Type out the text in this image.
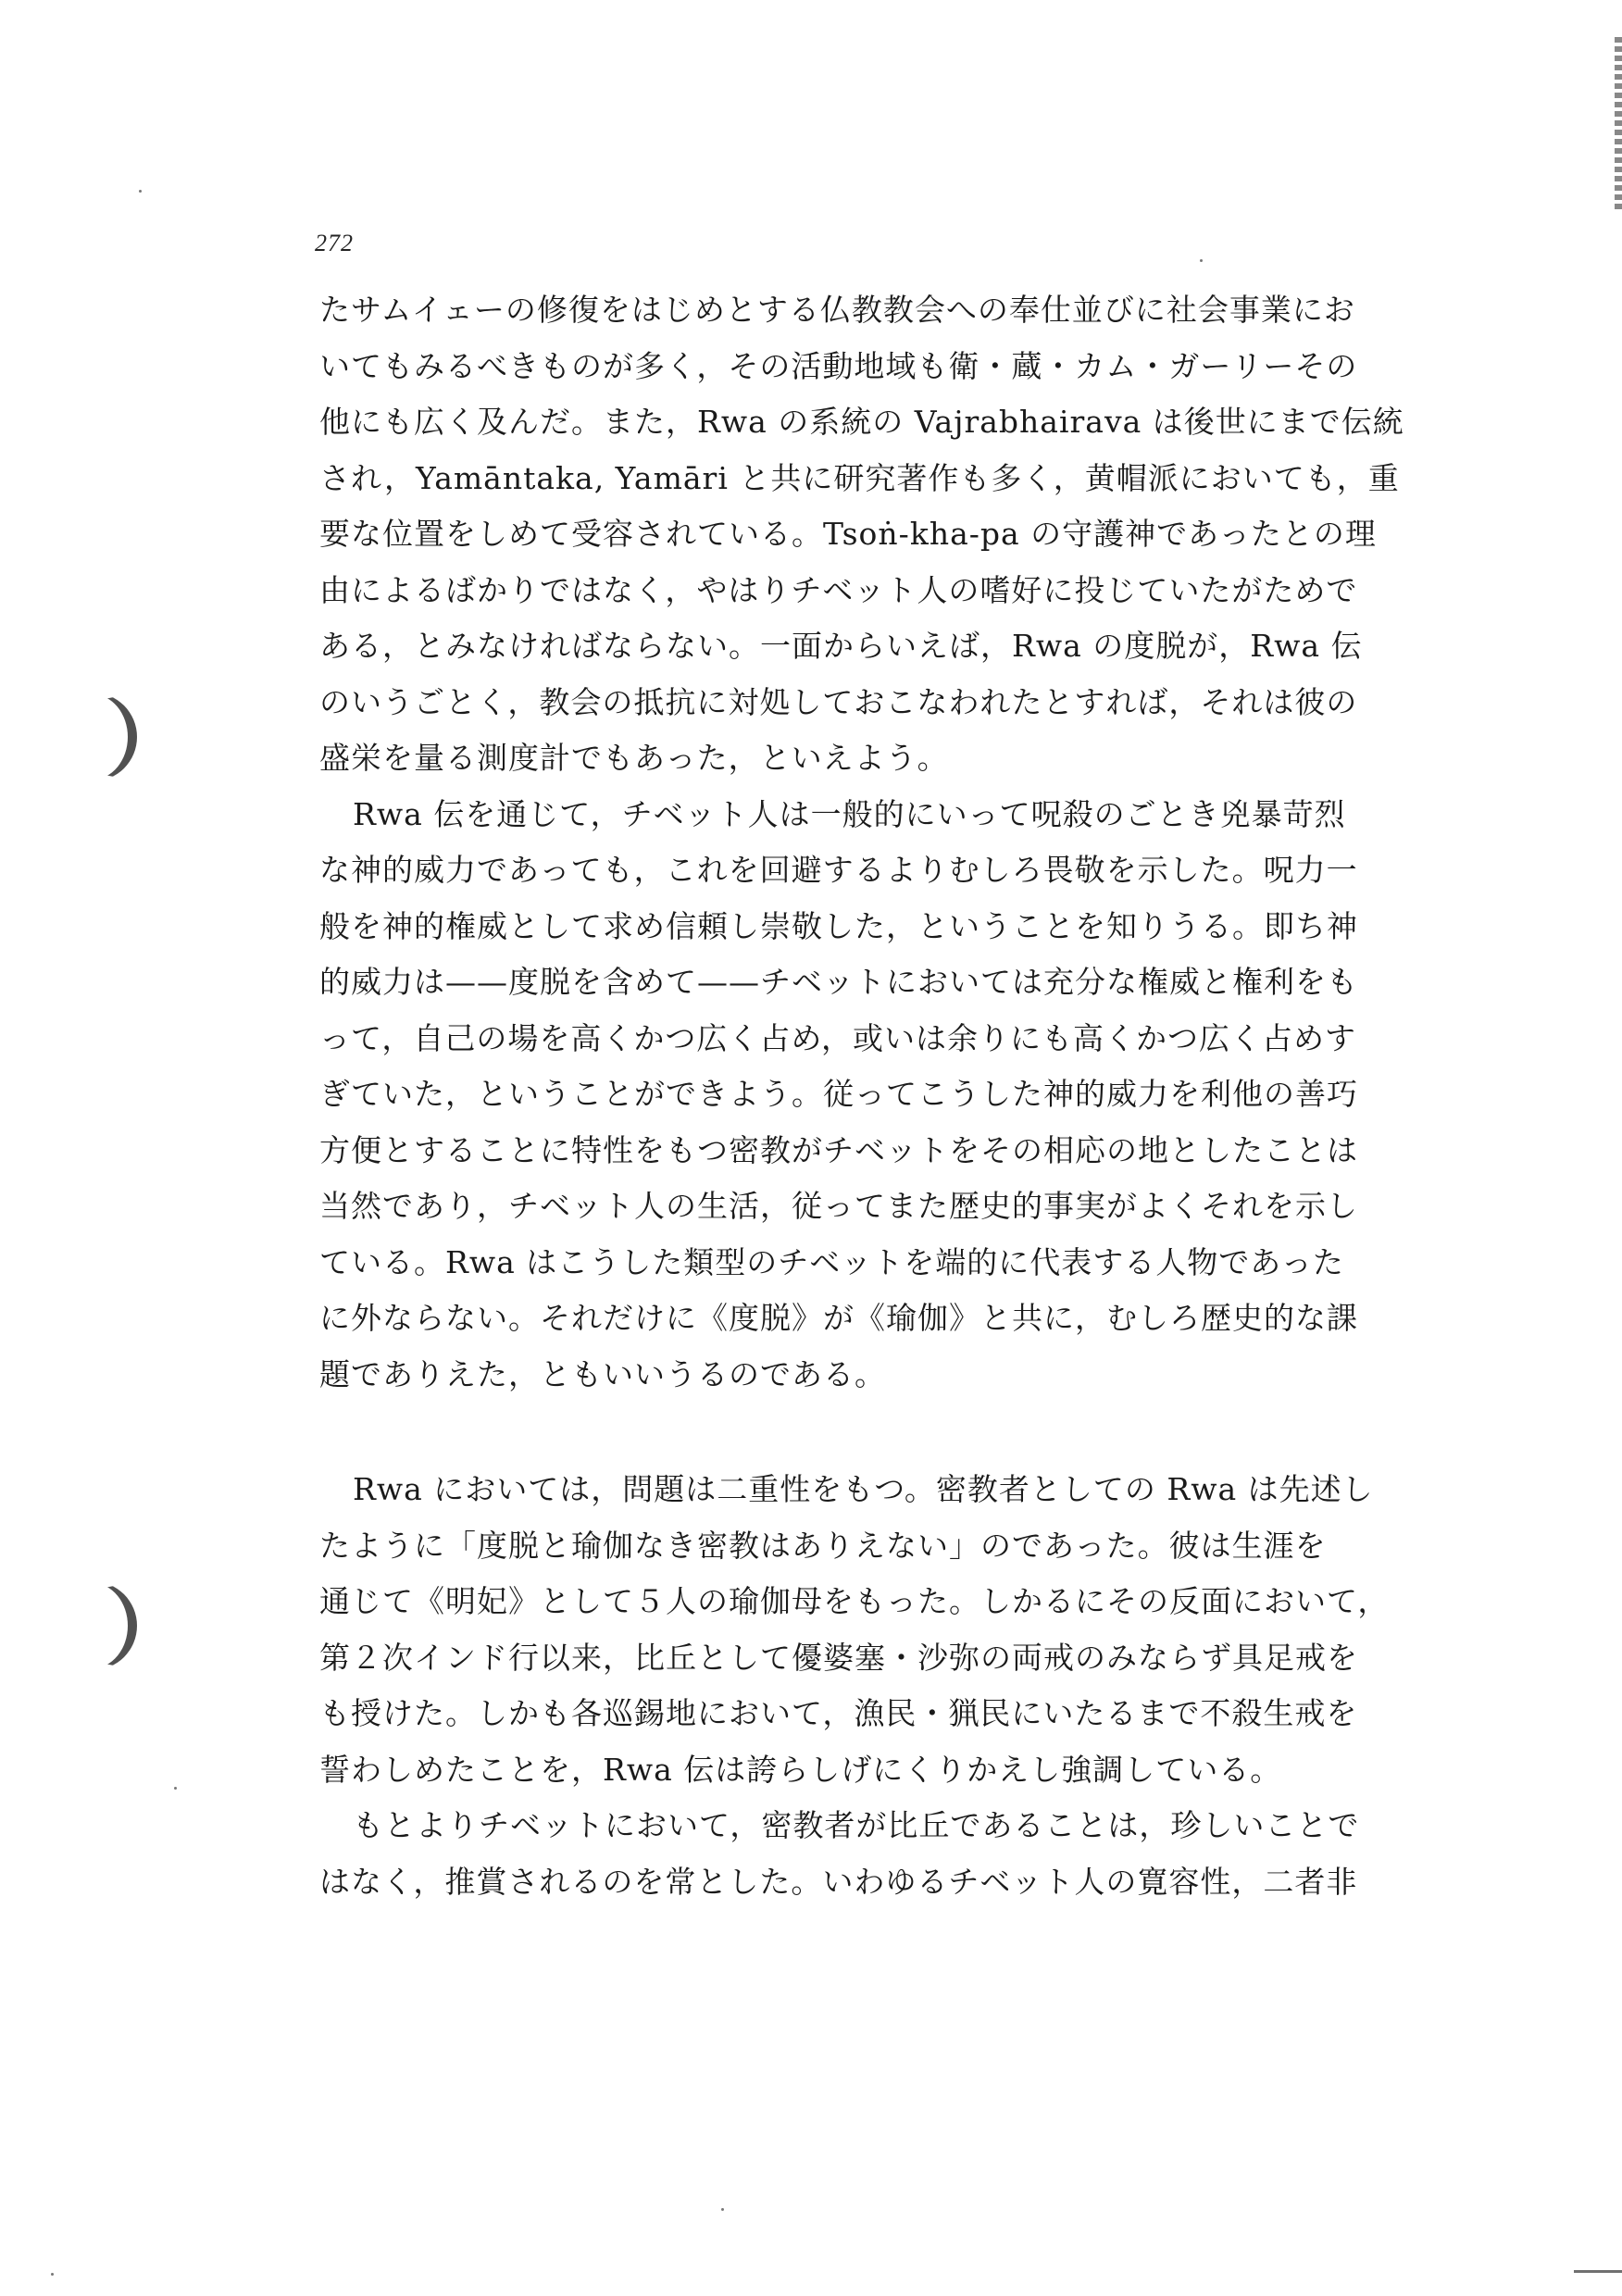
272
たサムイェーの修復をはじめとする仏教教会への奉仕並びに社会事業にお
いてもみるべきものが多く，その活動地域も衛・蔵・カム・ガーリーその
他にも広く及んだ。また，Rwa の系統の Vajrabhairava は後世にまで伝統
され，Yamāntaka, Yamāri と共に研究著作も多く，黄帽派においても，重
要な位置をしめて受容されている。Tsoṅ-kha-pa の守護神であったとの理
由によるばかりではなく，やはりチベット人の嗜好に投じていたがためで
ある，とみなければならない。一面からいえば，Rwa の度脱が，Rwa 伝
のいうごとく，教会の抵抗に対処しておこなわれたとすれば，それは彼の
盛栄を量る測度計でもあった，といえよう。
Rwa 伝を通じて，チベット人は一般的にいって呪殺のごとき兇暴苛烈
な神的威力であっても，これを回避するよりむしろ畏敬を示した。呪力一
般を神的権威として求め信頼し崇敬した，ということを知りうる。即ち神
的威力は——度脱を含めて——チベットにおいては充分な権威と権利をも
って，自己の場を高くかつ広く占め，或いは余りにも高くかつ広く占めす
ぎていた，ということができよう。従ってこうした神的威力を利他の善巧
方便とすることに特性をもつ密教がチベットをその相応の地としたことは
当然であり，チベット人の生活，従ってまた歴史的事実がよくそれを示し
ている。Rwa はこうした類型のチベットを端的に代表する人物であった
に外ならない。それだけに《度脱》が《瑜伽》と共に，むしろ歴史的な課
題でありえた，ともいいうるのである。
Rwa においては，問題は二重性をもつ。密教者としての Rwa は先述し
たように「度脱と瑜伽なき密教はありえない」のであった。彼は生涯を
通じて《明妃》として５人の瑜伽母をもった。しかるにその反面において，
第２次インド行以来，比丘として優婆塞・沙弥の両戒のみならず具足戒を
も授けた。しかも各巡錫地において，漁民・猟民にいたるまで不殺生戒を
誓わしめたことを，Rwa 伝は誇らしげにくりかえし強調している。
もとよりチベットにおいて，密教者が比丘であることは，珍しいことで
はなく，推賞されるのを常とした。いわゆるチベット人の寛容性，二者非
